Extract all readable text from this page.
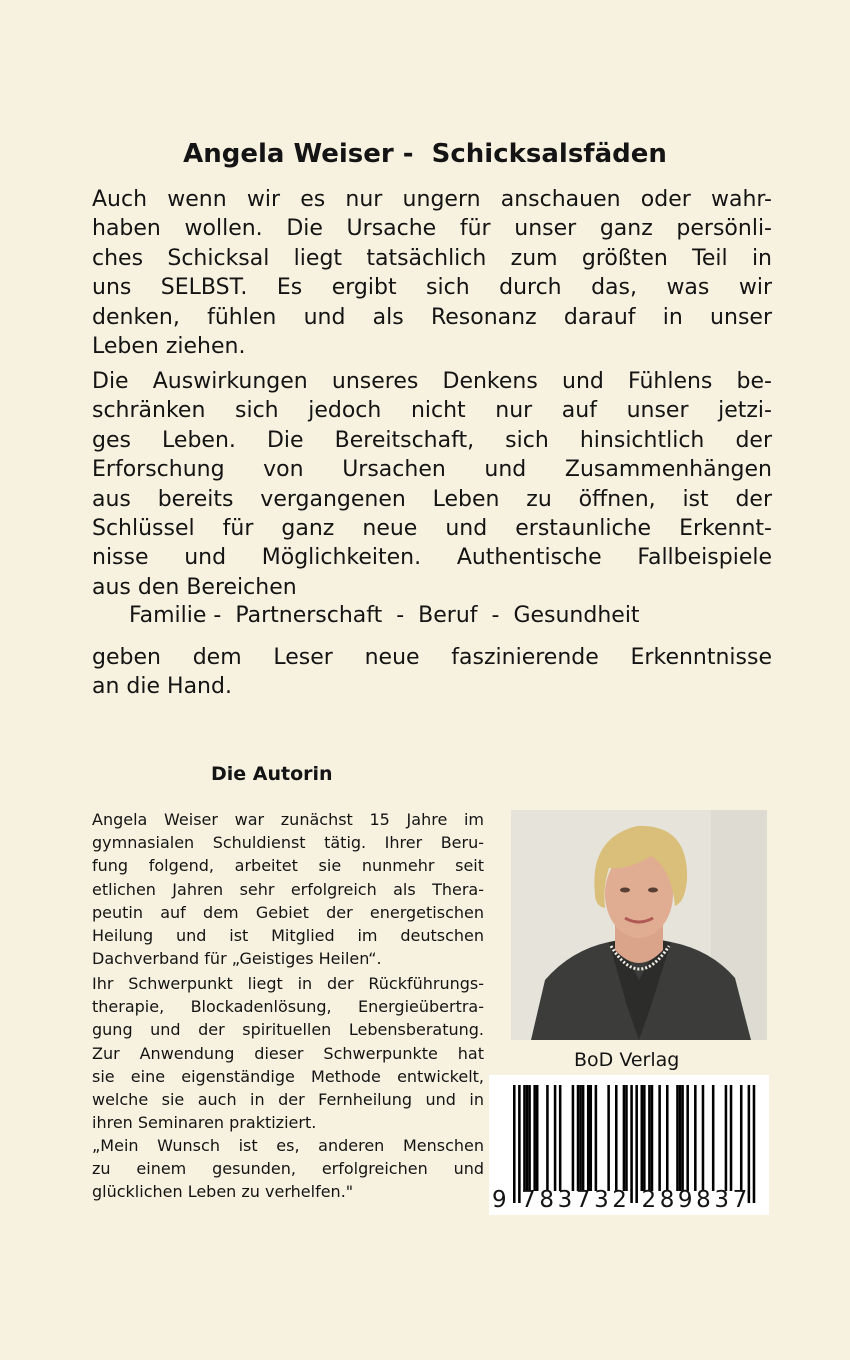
Angela Weiser -  Schicksalsfäden
Auch wenn wir es nur ungern anschauen oder wahr-
haben wollen. Die Ursache für unser ganz persönli-
ches Schicksal liegt tatsächlich zum größten Teil in
uns SELBST. Es ergibt sich durch das, was wir
denken, fühlen und als Resonanz darauf in unser
Leben ziehen.
Die Auswirkungen unseres Denkens und Fühlens be-
schränken sich jedoch nicht nur auf unser jetzi-
ges Leben. Die Bereitschaft, sich hinsichtlich der
Erforschung von Ursachen und Zusammenhängen
aus bereits vergangenen Leben zu öffnen, ist der
Schlüssel für ganz neue und erstaunliche Erkennt-
nisse und Möglichkeiten. Authentische Fallbeispiele
aus den Bereichen

Familie -  Partnerschaft  -  Beruf  -  Gesundheit

geben dem Leser neue faszinierende Erkenntnisse
an die Hand.
Die Autorin
Angela Weiser war zunächst 15 Jahre im
gymnasialen Schuldienst tätig. Ihrer Beru-
fung folgend, arbeitet sie nunmehr seit
etlichen Jahren sehr erfolgreich als Thera-
peutin auf dem Gebiet der energetischen
Heilung und ist Mitglied im deutschen
Dachverband für „Geistiges Heilen“.
Ihr Schwerpunkt liegt in der Rückführungs-
therapie, Blockadenlösung, Energieübertra-
gung und der spirituellen Lebensberatung.
Zur Anwendung dieser Schwerpunkte hat
sie eine eigenständige Methode entwickelt,
welche sie auch in der Fernheilung und in
ihren Seminaren praktiziert.
„Mein Wunsch ist es, anderen Menschen
zu einem gesunden, erfolgreichen und
glücklichen Leben zu verhelfen."

BoD Verlag

9 783732 289837
